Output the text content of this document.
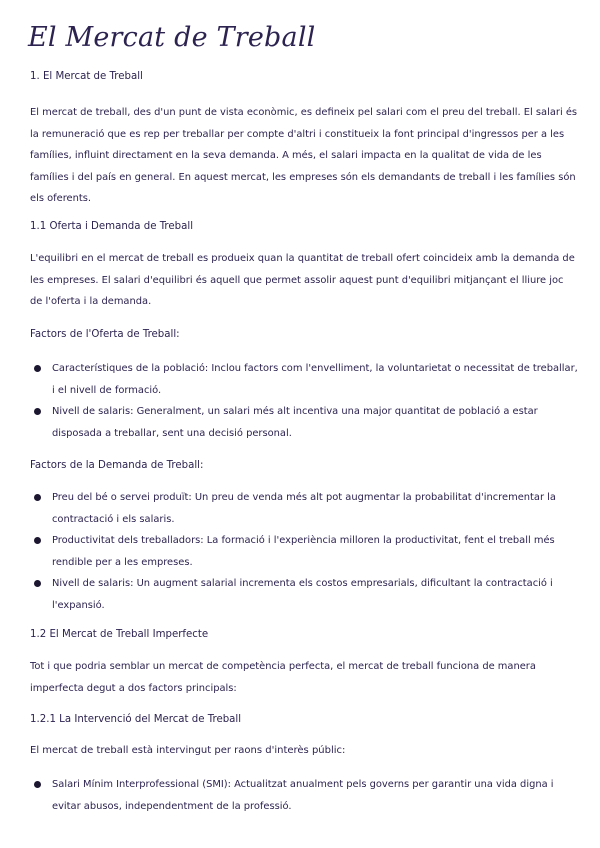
El Mercat de Treball

1. El Mercat de Treball

El mercat de treball, des d'un punt de vista econòmic, es defineix pel salari com el preu del treball. El salari és la remuneració que es rep per treballar per compte d'altri i constitueix la font principal d'ingressos per a les famílies, influint directament en la seva demanda. A més, el salari impacta en la qualitat de vida de les famílies i del país en general. En aquest mercat, les empreses són els demandants de treball i les famílies són els oferents.

1.1 Oferta i Demanda de Treball

L'equilibri en el mercat de treball es produeix quan la quantitat de treball ofert coincideix amb la demanda de les empreses. El salari d'equilibri és aquell que permet assolir aquest punt d'equilibri mitjançant el lliure joc de l'oferta i la demanda.

Factors de l'Oferta de Treball:

Característiques de la població: Inclou factors com l'envelliment, la voluntarietat o necessitat de treballar, i el nivell de formació.
Nivell de salaris: Generalment, un salari més alt incentiva una major quantitat de població a estar disposada a treballar, sent una decisió personal.

Factors de la Demanda de Treball:

Preu del bé o servei produït: Un preu de venda més alt pot augmentar la probabilitat d'incrementar la contractació i els salaris.
Productivitat dels treballadors: La formació i l'experiència milloren la productivitat, fent el treball més rendible per a les empreses.
Nivell de salaris: Un augment salarial incrementa els costos empresarials, dificultant la contractació i l'expansió.

1.2 El Mercat de Treball Imperfecte

Tot i que podria semblar un mercat de competència perfecta, el mercat de treball funciona de manera imperfecta degut a dos factors principals:

1.2.1 La Intervenció del Mercat de Treball

El mercat de treball està intervingut per raons d'interès públic:

Salari Mínim Interprofessional (SMI): Actualitzat anualment pels governs per garantir una vida digna i evitar abusos, independentment de la professió.
